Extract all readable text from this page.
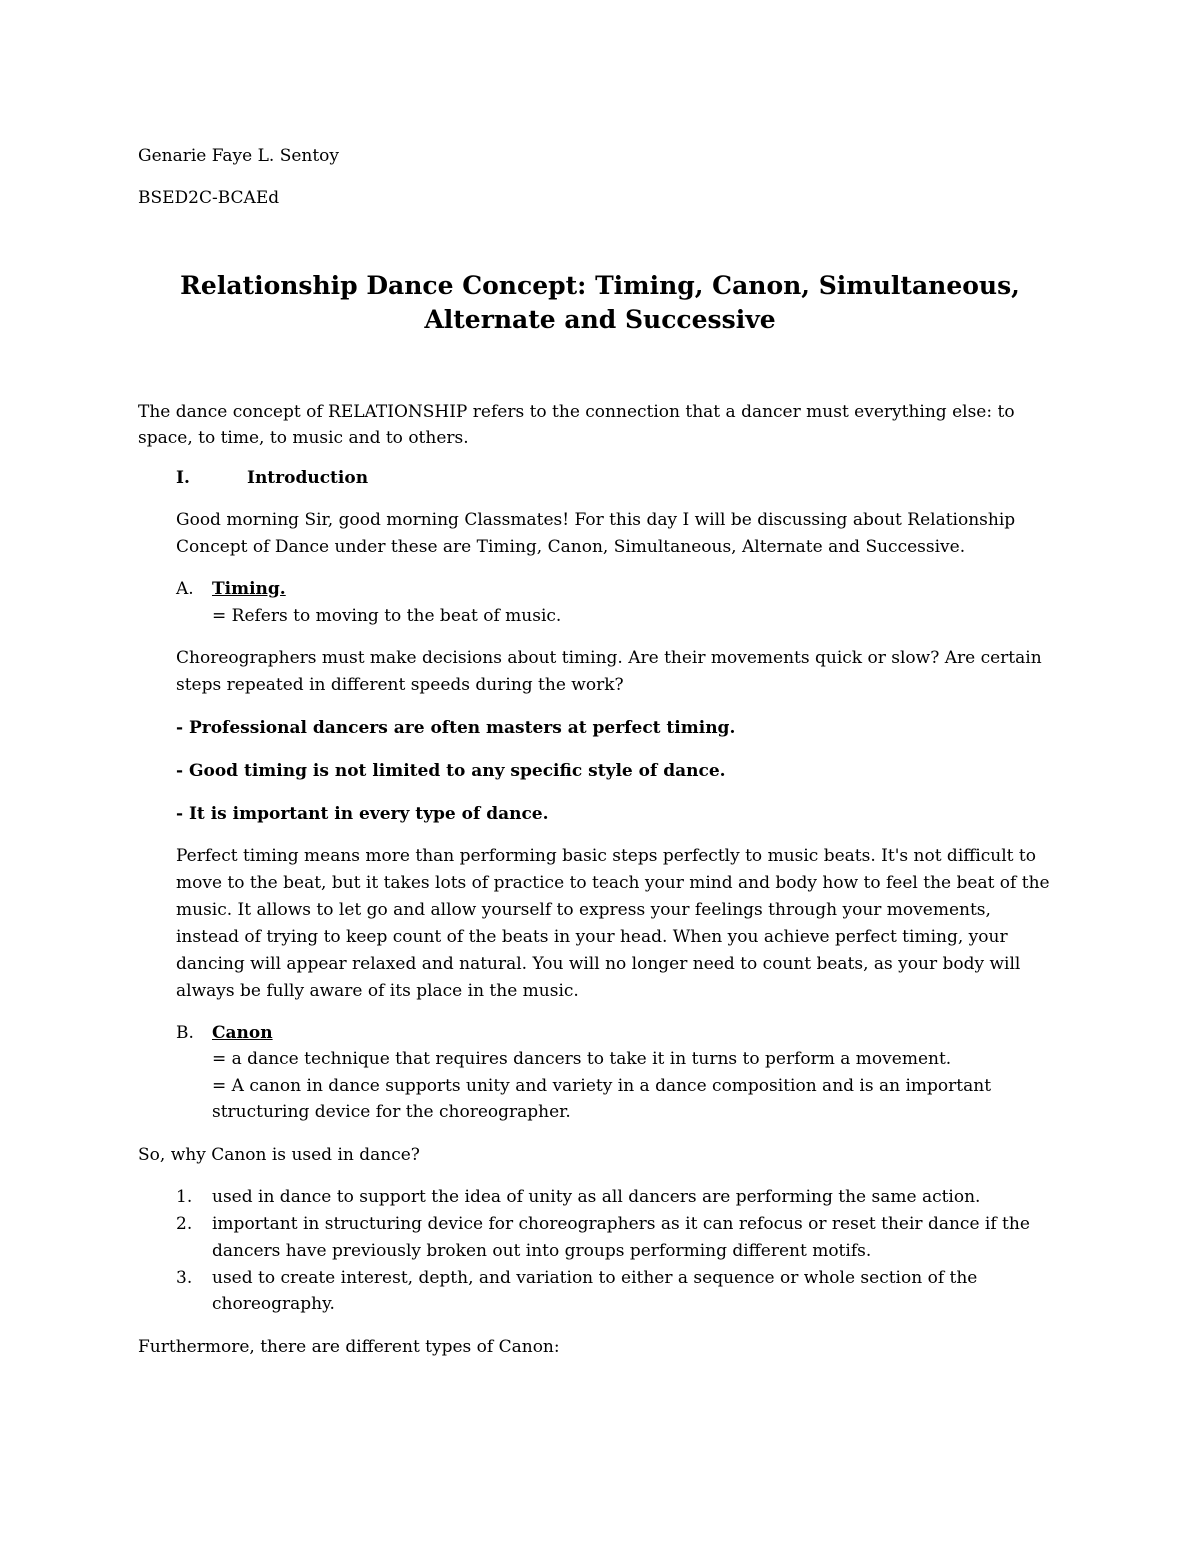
Genarie Faye L. Sentoy

BSED2C-BCAEd

Relationship Dance Concept: Timing, Canon, Simultaneous,
Alternate and Successive

The dance concept of RELATIONSHIP refers to the connection that a dancer must everything else: to

space, to time, to music and to others.

I.	Introduction

Good morning Sir, good morning Classmates! For this day I will be discussing about Relationship

Concept of Dance under these are Timing, Canon, Simultaneous, Alternate and Successive.

A. Timing.

= Refers to moving to the beat of music.

Choreographers must make decisions about timing. Are their movements quick or slow? Are certain

steps repeated in different speeds during the work?

- Professional dancers are often masters at perfect timing.

- Good timing is not limited to any specific style of dance.

- It is important in every type of dance.

Perfect timing means more than performing basic steps perfectly to music beats. It's not difficult to

move to the beat, but it takes lots of practice to teach your mind and body how to feel the beat of the

music. It allows to let go and allow yourself to express your feelings through your movements,

instead of trying to keep count of the beats in your head. When you achieve perfect timing, your

dancing will appear relaxed and natural. You will no longer need to count beats, as your body will

always be fully aware of its place in the music.

B. Canon

= a dance technique that requires dancers to take it in turns to perform a movement.

= A canon in dance supports unity and variety in a dance composition and is an important

structuring device for the choreographer.

So, why Canon is used in dance?

1. used in dance to support the idea of unity as all dancers are performing the same action.

2. important in structuring device for choreographers as it can refocus or reset their dance if the

dancers have previously broken out into groups performing different motifs.

3. used to create interest, depth, and variation to either a sequence or whole section of the

choreography.

Furthermore, there are different types of Canon:
